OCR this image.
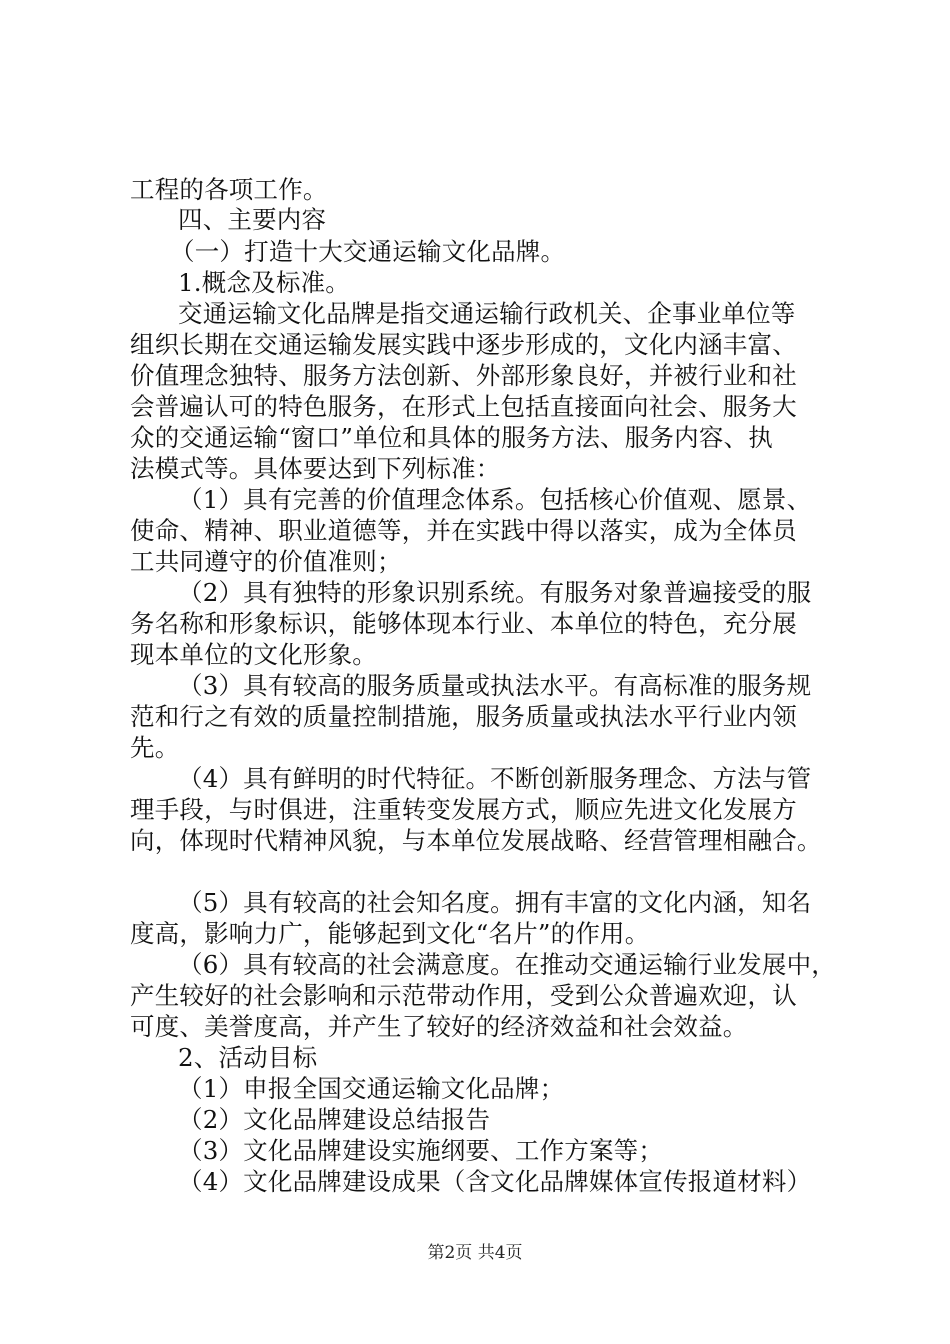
工程的各项工作。
四、主要内容
（一）打造十大交通运输文化品牌。
1.概念及标准。
交通运输文化品牌是指交通运输行政机关、企事业单位等
组织长期在交通运输发展实践中逐步形成的，文化内涵丰富、
价值理念独特、服务方法创新、外部形象良好，并被行业和社
会普遍认可的特色服务，在形式上包括直接面向社会、服务大
众的交通运输“窗口”单位和具体的服务方法、服务内容、执
法模式等。具体要达到下列标准：
（1）具有完善的价值理念体系。包括核心价值观、愿景、
使命、精神、职业道德等，并在实践中得以落实，成为全体员
工共同遵守的价值准则；
（2）具有独特的形象识别系统。有服务对象普遍接受的服
务名称和形象标识，能够体现本行业、本单位的特色，充分展
现本单位的文化形象。
（3）具有较高的服务质量或执法水平。有高标准的服务规
范和行之有效的质量控制措施，服务质量或执法水平行业内领
先。
（4）具有鲜明的时代特征。不断创新服务理念、方法与管
理手段，与时俱进，注重转变发展方式，顺应先进文化发展方
向，体现时代精神风貌，与本单位发展战略、经营管理相融合。
（5）具有较高的社会知名度。拥有丰富的文化内涵，知名
度高，影响力广，能够起到文化“名片”的作用。
（6）具有较高的社会满意度。在推动交通运输行业发展中，
产生较好的社会影响和示范带动作用，受到公众普遍欢迎，认
可度、美誉度高，并产生了较好的经济效益和社会效益。
2、活动目标
（1）申报全国交通运输文化品牌；
（2）文化品牌建设总结报告
（3）文化品牌建设实施纲要、工作方案等；
（4）文化品牌建设成果（含文化品牌媒体宣传报道材料）
第2页 共4页
